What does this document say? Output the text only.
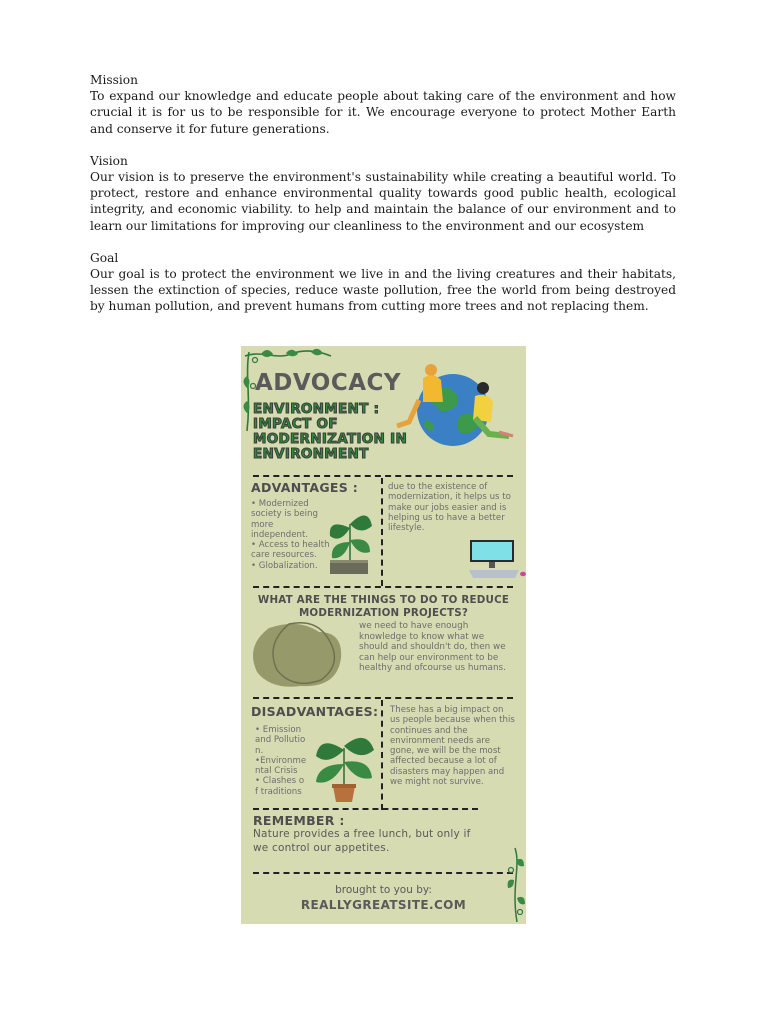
Mission
To expand our knowledge and educate people about taking care of the environment and how crucial it is for us to be responsible for it. We encourage everyone to protect Mother Earth and conserve it for future generations.
Vision
Our vision is to preserve the environment's sustainability while creating a beautiful world. To protect, restore and enhance environmental quality towards good public health, ecological integrity, and economic viability. to help and maintain the balance of our environment and to learn our limitations for improving our cleanliness to the environment and our ecosystem
Goal
Our goal is to protect the environment we live in and the living creatures and their habitats, lessen the extinction of species, reduce waste pollution, free the world from being destroyed by human pollution, and prevent humans from cutting more trees and not replacing them.
ADVOCACY
ENVIRONMENT : IMPACT OF MODERNIZATION IN ENVIRONMENT
ADVANTAGES :
• Modernized society is being more independent.
• Access to health care resources.
• Globalization.
due to the existence of modernization, it helps us to make our jobs easier and is helping us to have a better lifestyle.
WHAT ARE THE THINGS TO DO TO REDUCE MODERNIZATION PROJECTS?
we need to have enough knowledge to know what we should and shouldn't do, then we can help our environment to be healthy and ofcourse us humans.
DISADVANTAGES:
• Emission and Pollution.
•Environmental Crisis
• Clashes of traditions
These has a big impact on us people because when this continues and the environment needs are gone, we will be the most affected because a lot of disasters may happen and we might not survive.
REMEMBER :
Nature provides a free lunch, but only if we control our appetites.
brought to you by:
REALLYGREATSITE.COM
